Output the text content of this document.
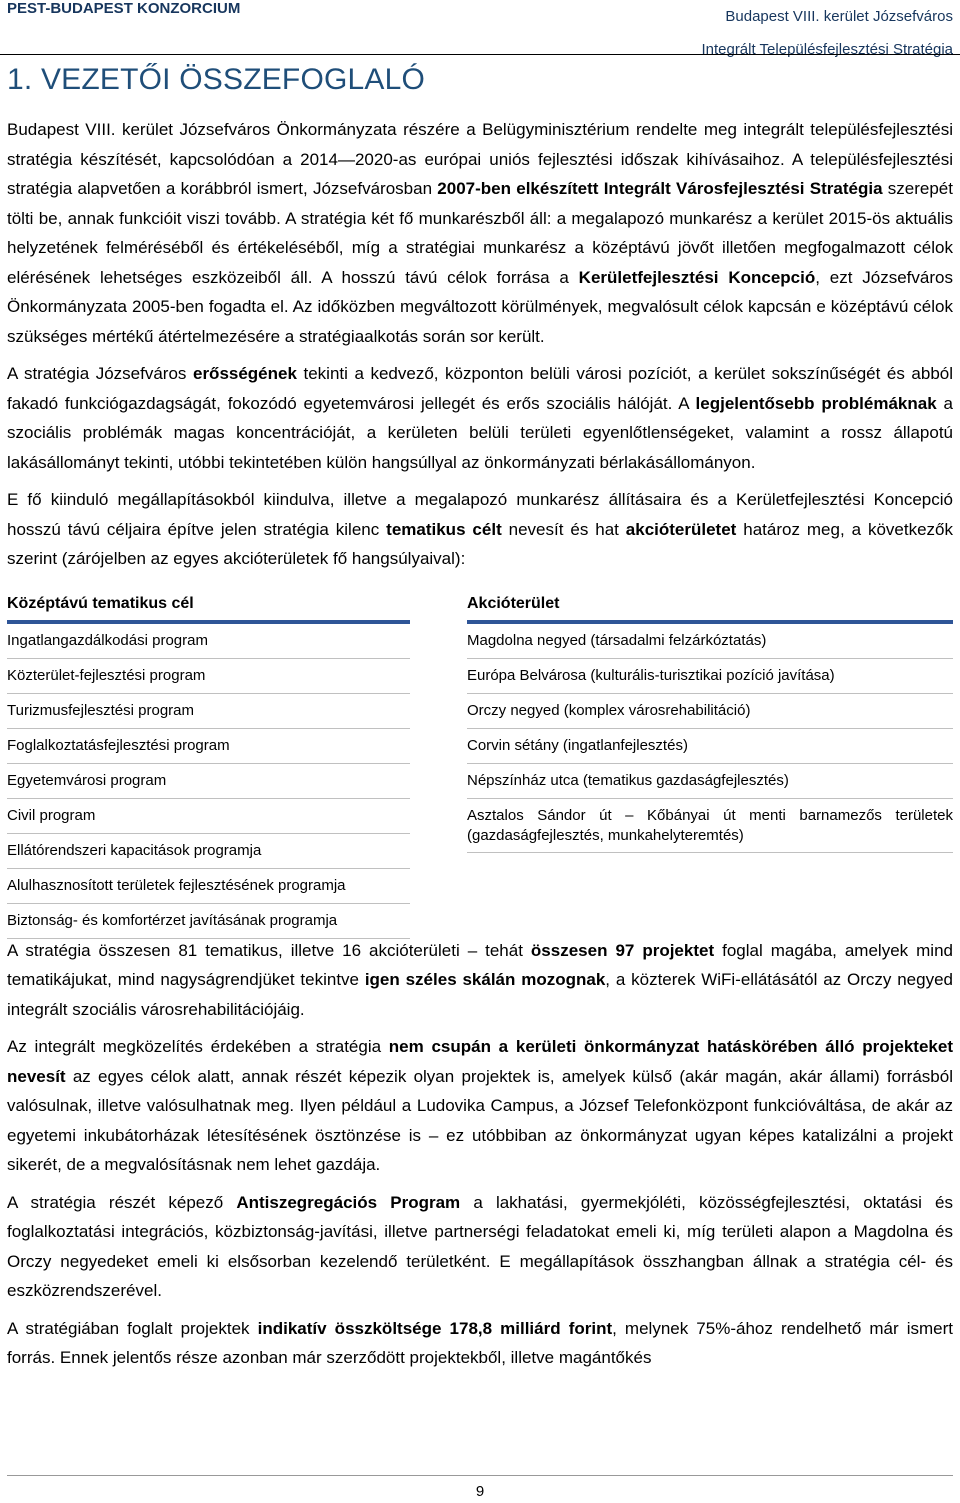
PEST-BUDAPEST KONZORCIUM	Budapest VIII. kerület Józsefváros
Integrált Településfejlesztési Stratégia
1. VEZETŐI ÖSSZEFOGLALÓ

Budapest VIII. kerület Józsefváros Önkormányzata részére a Belügyminisztérium rendelte meg integrált településfejlesztési stratégia készítését, kapcsolódóan a 2014—2020-as európai uniós fejlesztési időszak kihívásaihoz. A településfejlesztési stratégia alapvetően a korábbról ismert, Józsefvárosban 2007-ben elkészített Integrált Városfejlesztési Stratégia szerepét tölti be, annak funkcióit viszi tovább. A stratégia két fő munkarészből áll: a megalapozó munkarész a kerület 2015-ös aktuális helyzetének felméréséből és értékeléséből, míg a stratégiai munkarész a középtávú jövőt illetően megfogalmazott célok elérésének lehetséges eszközeiből áll. A hosszú távú célok forrása a Kerületfejlesztési Koncepció, ezt Józsefváros Önkormányzata 2005-ben fogadta el. Az időközben megváltozott körülmények, megvalósult célok kapcsán e középtávú célok szükséges mértékű átértelmezésére a stratégiaalkotás során sor került.

A stratégia Józsefváros erősségének tekinti a kedvező, központon belüli városi pozíciót, a kerület sokszínűségét és abból fakadó funkciógazdagságát, fokozódó egyetemvárosi jellegét és erős szociális hálóját. A legjelentősebb problémáknak a szociális problémák magas koncentrációját, a kerületen belüli területi egyenlőtlenségeket, valamint a rossz állapotú lakásállományt tekinti, utóbbi tekintetében külön hangsúllyal az önkormányzati bérlakásállományon.

E fő kiinduló megállapításokból kiindulva, illetve a megalapozó munkarész állításaira és a Kerületfejlesztési Koncepció hosszú távú céljaira építve jelen stratégia kilenc tematikus célt nevesít és hat akcióterületet határoz meg, a következők szerint (zárójelben az egyes akcióterületek fő hangsúlyaival):

Középtávú tematikus cél
Ingatlangazdálkodási program
Közterület-fejlesztési program
Turizmusfejlesztési program
Foglalkoztatásfejlesztési program
Egyetemvárosi program
Civil program
Ellátórendszeri kapacitások programja
Alulhasznosított területek fejlesztésének programja
Biztonság- és komfortérzet javításának programja
Akcióterület
Magdolna negyed (társadalmi felzárkóztatás)
Európa Belvárosa (kulturális-turisztikai pozíció javítása)
Orczy negyed (komplex városrehabilitáció)
Corvin sétány (ingatlanfejlesztés)
Népszínház utca (tematikus gazdaságfejlesztés)
Asztalos Sándor út – Kőbányai út menti barnamezős területek (gazdaságfejlesztés, munkahelyteremtés)

A stratégia összesen 81 tematikus, illetve 16 akcióterületi – tehát összesen 97 projektet foglal magába, amelyek mind tematikájukat, mind nagyságrendjüket tekintve igen széles skálán mozognak, a közterek WiFi-ellátásától az Orczy negyed integrált szociális városrehabilitációjáig.

Az integrált megközelítés érdekében a stratégia nem csupán a kerületi önkormányzat hatáskörében álló projekteket nevesít az egyes célok alatt, annak részét képezik olyan projektek is, amelyek külső (akár magán, akár állami) forrásból valósulnak, illetve valósulhatnak meg. Ilyen például a Ludovika Campus, a József Telefonközpont funkcióváltása, de akár az egyetemi inkubátorházak létesítésének ösztönzése is – ez utóbbiban az önkormányzat ugyan képes katalizálni a projekt sikerét, de a megvalósításnak nem lehet gazdája.

A stratégia részét képező Antiszegregációs Program a lakhatási, gyermekjóléti, közösségfejlesztési, oktatási és foglalkoztatási integrációs, közbiztonság-javítási, illetve partnerségi feladatokat emeli ki, míg területi alapon a Magdolna és Orczy negyedeket emeli ki elsősorban kezelendő területként. E megállapítások összhangban állnak a stratégia cél- és eszközrendszerével.

A stratégiában foglalt projektek indikatív összköltsége 178,8 milliárd forint, melynek 75%-ához rendelhető már ismert forrás. Ennek jelentős része azonban már szerződött projektekből, illetve magántőkés

9
